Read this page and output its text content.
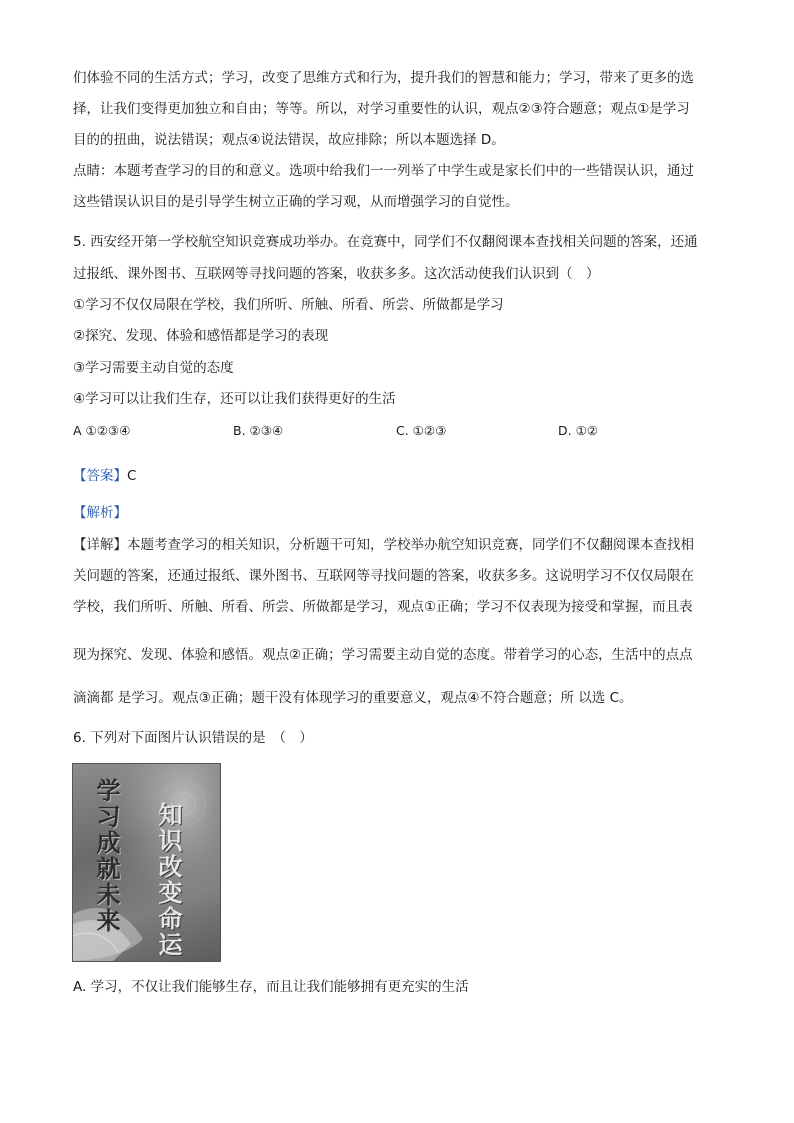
们体验不同的生活方式；学习，改变了思维方式和行为，提升我们的智慧和能力；学习，带来了更多的选
择，让我们变得更加独立和自由；等等。所以，对学习重要性的认识，观点②③符合题意；观点①是学习
目的的扭曲，说法错误；观点④说法错误，故应排除；所以本题选择 D。
点睛：本题考查学习的目的和意义。选项中给我们一一列举了中学生或是家长们中的一些错误认识，通过
这些错误认识目的是引导学生树立正确的学习观，从而增强学习的自觉性。
5. 西安经开第一学校航空知识竞赛成功举办。在竞赛中，同学们不仅翻阅课本查找相关问题的答案，还通
过报纸、课外图书、互联网等寻找问题的答案，收获多多。这次活动使我们认识到（　）
①学习不仅仅局限在学校，我们所听、所触、所看、所尝、所做都是学习
②探究、发现、体验和感悟都是学习的表现
③学习需要主动自觉的态度
④学习可以让我们生存，还可以让我们获得更好的生活
A ①②③④	B. ②③④	C. ①②③	D. ①②
【答案】C
【解析】
【详解】本题考查学习的相关知识，分析题干可知，学校举办航空知识竞赛，同学们不仅翻阅课本查找相
关问题的答案，还通过报纸、课外图书、互联网等寻找问题的答案，收获多多。这说明学习不仅仅局限在
学校，我们所听、所触、所看、所尝、所做都是学习，观点①正确；学习不仅表现为接受和掌握，而且表
现为探究、发现、体验和感悟。观点②正确；学习需要主动自觉的态度。带着学习的心态，生活中的点点
滴滴都 是学习。观点③正确；题干没有体现学习的重要意义，观点④不符合题意；所 以选 C。
6. 下列对下面图片认识错误的是　（　）
学习成就未来 知识改变命运
A. 学习，不仅让我们能够生存，而且让我们能够拥有更充实的生活
